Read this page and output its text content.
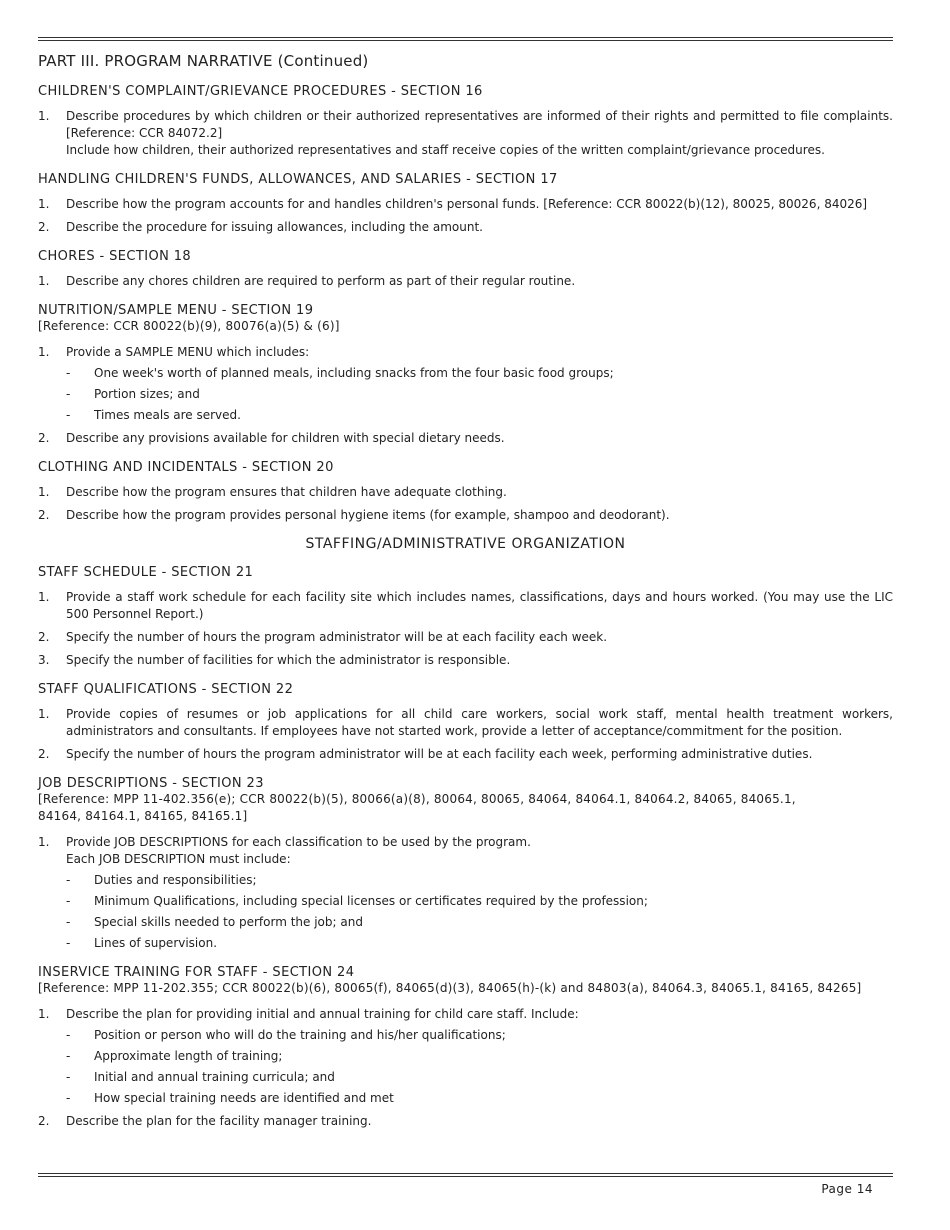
PART III. PROGRAM NARRATIVE (Continued)

CHILDREN'S COMPLAINT/GRIEVANCE PROCEDURES - SECTION 16

1. Describe procedures by which children or their authorized representatives are informed of their rights and permitted to file complaints. [Reference: CCR 84072.2]
Include how children, their authorized representatives and staff receive copies of the written complaint/grievance procedures.

HANDLING CHILDREN'S FUNDS, ALLOWANCES, AND SALARIES - SECTION 17

1. Describe how the program accounts for and handles children's personal funds. [Reference: CCR 80022(b)(12), 80025, 80026, 84026]
2. Describe the procedure for issuing allowances, including the amount.

CHORES - SECTION 18

1. Describe any chores children are required to perform as part of their regular routine.

NUTRITION/SAMPLE MENU - SECTION 19

[Reference: CCR 80022(b)(9), 80076(a)(5) & (6)]

1. Provide a SAMPLE MENU which includes:
- One week's worth of planned meals, including snacks from the four basic food groups;
- Portion sizes; and
- Times meals are served.
2. Describe any provisions available for children with special dietary needs.

CLOTHING AND INCIDENTALS - SECTION 20

1. Describe how the program ensures that children have adequate clothing.
2. Describe how the program provides personal hygiene items (for example, shampoo and deodorant).

STAFFING/ADMINISTRATIVE ORGANIZATION

STAFF SCHEDULE - SECTION 21

1. Provide a staff work schedule for each facility site which includes names, classifications, days and hours worked. (You may use the LIC 500 Personnel Report.)
2. Specify the number of hours the program administrator will be at each facility each week.
3. Specify the number of facilities for which the administrator is responsible.

STAFF QUALIFICATIONS - SECTION 22

1. Provide copies of resumes or job applications for all child care workers, social work staff, mental health treatment workers, administrators and consultants. If employees have not started work, provide a letter of acceptance/commitment for the position.
2. Specify the number of hours the program administrator will be at each facility each week, performing administrative duties.

JOB DESCRIPTIONS - SECTION 23

[Reference: MPP 11-402.356(e); CCR 80022(b)(5), 80066(a)(8), 80064, 80065, 84064, 84064.1, 84064.2, 84065, 84065.1,
84164, 84164.1, 84165, 84165.1]

1. Provide JOB DESCRIPTIONS for each classification to be used by the program.
Each JOB DESCRIPTION must include:
- Duties and responsibilities;
- Minimum Qualifications, including special licenses or certificates required by the profession;
- Special skills needed to perform the job; and
- Lines of supervision.

INSERVICE TRAINING FOR STAFF - SECTION 24

[Reference: MPP 11-202.355; CCR 80022(b)(6), 80065(f), 84065(d)(3), 84065(h)-(k) and 84803(a), 84064.3, 84065.1, 84165, 84265]

1. Describe the plan for providing initial and annual training for child care staff. Include:
- Position or person who will do the training and his/her qualifications;
- Approximate length of training;
- Initial and annual training curricula; and
- How special training needs are identified and met
2. Describe the plan for the facility manager training.

Page 14
